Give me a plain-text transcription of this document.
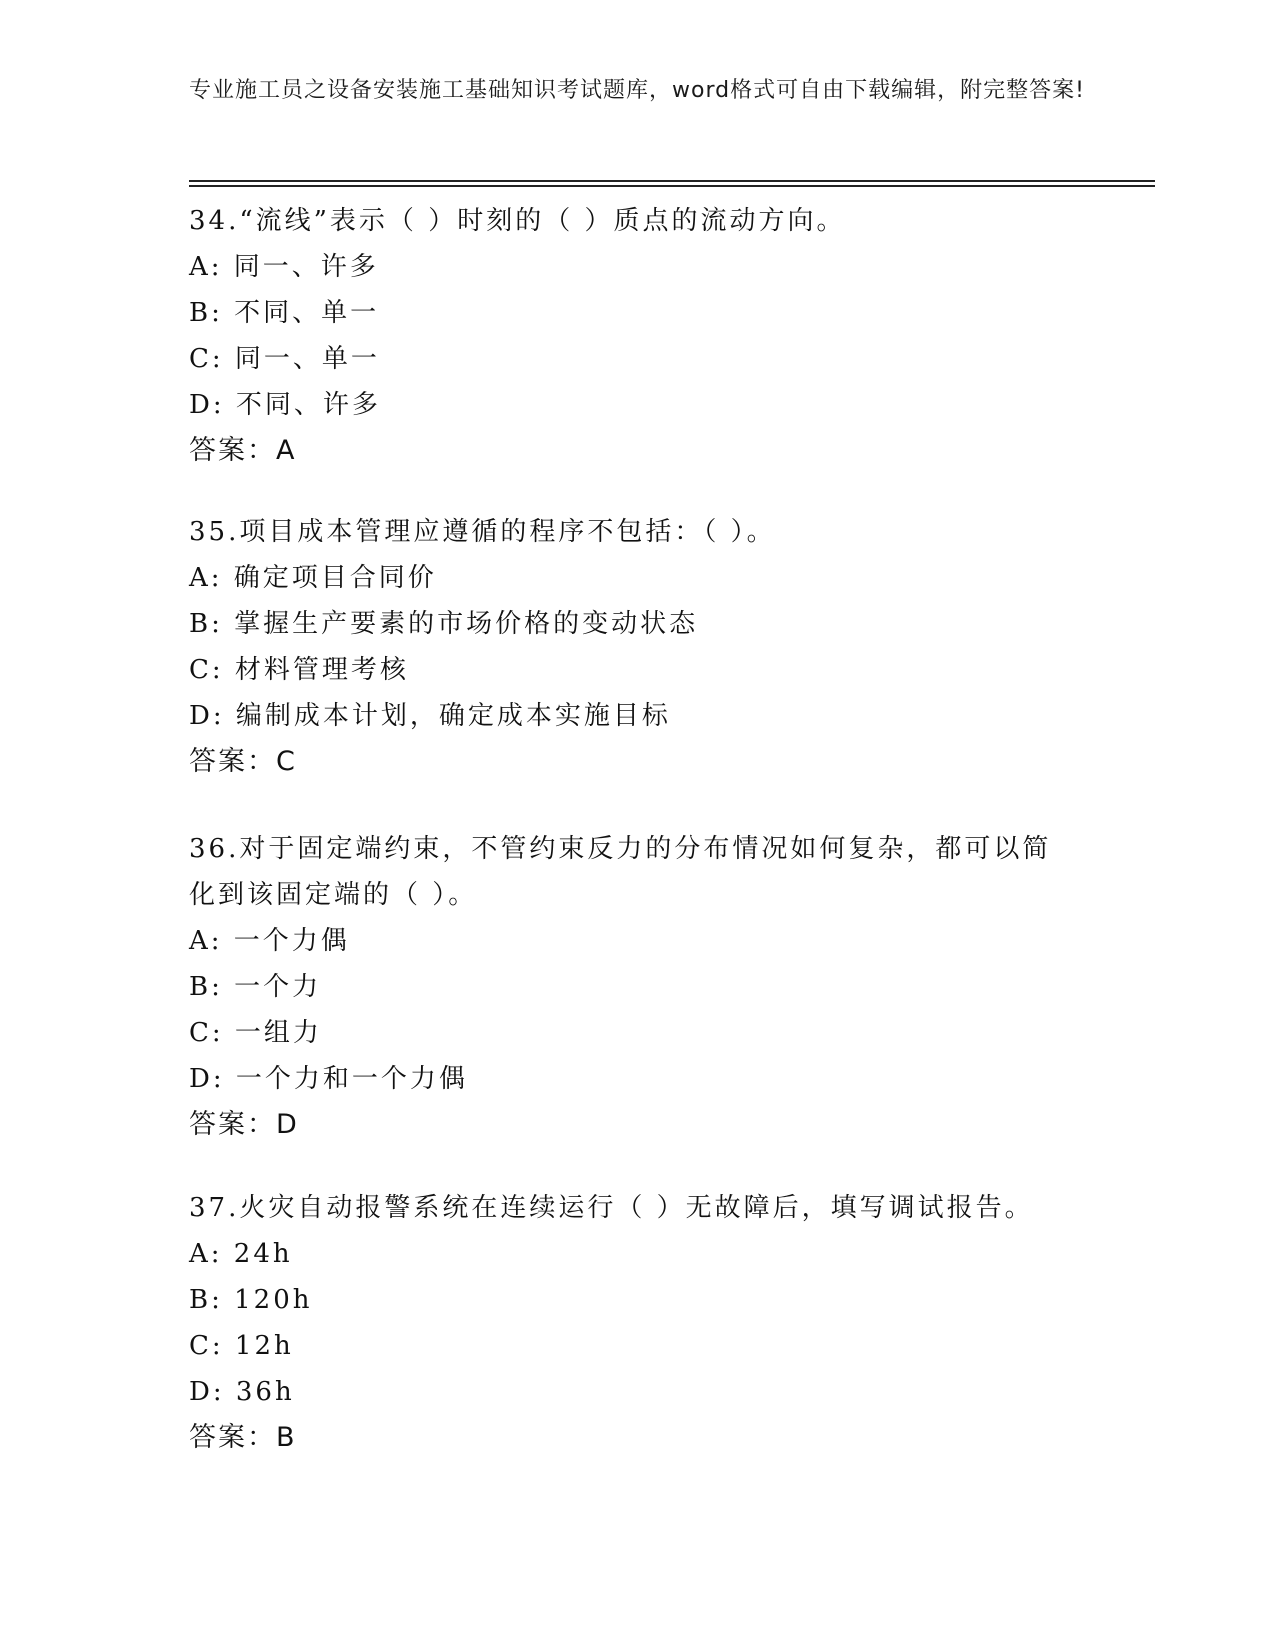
专业施工员之设备安装施工基础知识考试题库，word格式可自由下载编辑，附完整答案!
34.“流线”表示（ ）时刻的（ ）质点的流动方向。
A: 同一、许多
B: 不同、单一
C: 同一、单一
D: 不同、许多
答案：A
35.项目成本管理应遵循的程序不包括：（ ）。
A: 确定项目合同价
B: 掌握生产要素的市场价格的变动状态
C: 材料管理考核
D: 编制成本计划，确定成本实施目标
答案：C
36.对于固定端约束，不管约束反力的分布情况如何复杂，都可以简化到该固定端的（ ）。
A: 一个力偶
B: 一个力
C: 一组力
D: 一个力和一个力偶
答案：D
37.火灾自动报警系统在连续运行（ ）无故障后，填写调试报告。
A: 24h
B: 120h
C: 12h
D: 36h
答案：B
